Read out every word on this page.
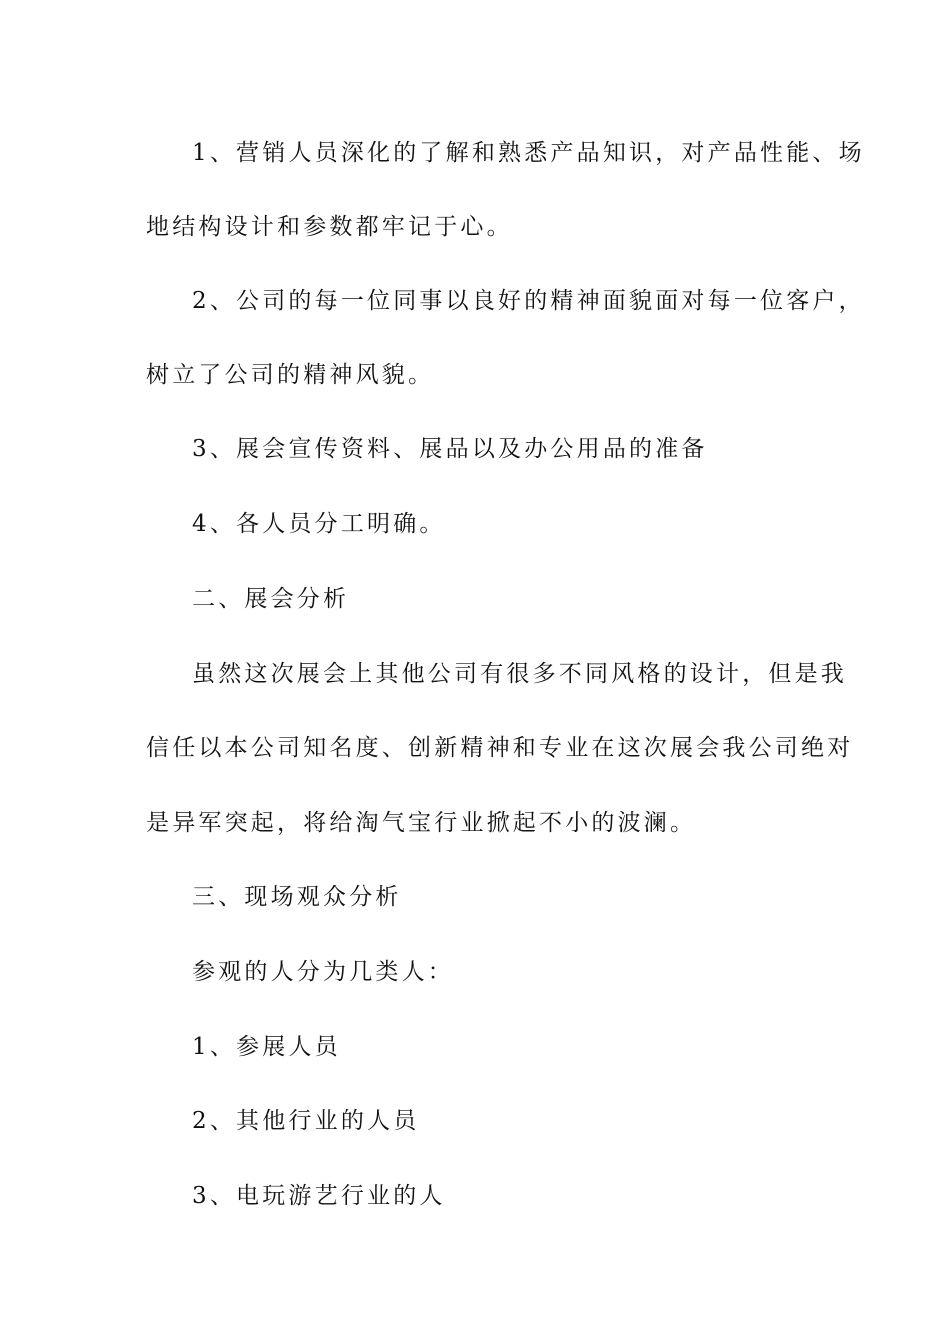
1、营销人员深化的了解和熟悉产品知识，对产品性能、场
地结构设计和参数都牢记于心。
2、公司的每一位同事以良好的精神面貌面对每一位客户，
树立了公司的精神风貌。
3、展会宣传资料、展品以及办公用品的准备
4、各人员分工明确。
二、展会分析
虽然这次展会上其他公司有很多不同风格的设计，但是我
信任以本公司知名度、创新精神和专业在这次展会我公司绝对
是异军突起，将给淘气宝行业掀起不小的波澜。
三、现场观众分析
参观的人分为几类人：
1、参展人员
2、其他行业的人员
3、电玩游艺行业的人
